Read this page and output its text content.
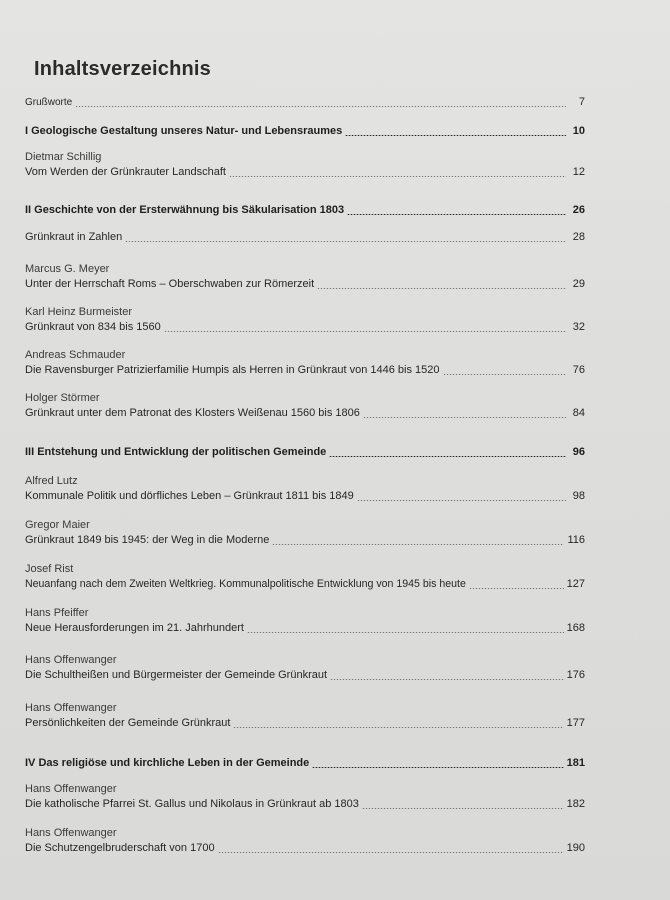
Inhaltsverzeichnis
Grußworte	7
I Geologische Gestaltung unseres Natur- und Lebensraumes	10
Dietmar Schillig
Vom Werden der Grünkrauter Landschaft	12
II Geschichte von der Ersterwähnung bis Säkularisation 1803	26
Grünkraut in Zahlen	28
Marcus G. Meyer
Unter der Herrschaft Roms – Oberschwaben zur Römerzeit	29
Karl Heinz Burmeister
Grünkraut von 834 bis 1560	32
Andreas Schmauder
Die Ravensburger Patrizierfamilie Humpis als Herren in Grünkraut von 1446 bis 1520	76
Holger Störmer
Grünkraut unter dem Patronat des Klosters Weißenau 1560 bis 1806	84
III Entstehung und Entwicklung der politischen Gemeinde	96
Alfred Lutz
Kommunale Politik und dörfliches Leben – Grünkraut 1811 bis 1849	98
Gregor Maier
Grünkraut 1849 bis 1945: der Weg in die Moderne	116
Josef Rist
Neuanfang nach dem Zweiten Weltkrieg. Kommunalpolitische Entwicklung von 1945 bis heute	127
Hans Pfeiffer
Neue Herausforderungen im 21. Jahrhundert	168
Hans Offenwanger
Die Schultheißen und Bürgermeister der Gemeinde Grünkraut	176
Hans Offenwanger
Persönlichkeiten der Gemeinde Grünkraut	177
IV Das religiöse und kirchliche Leben in der Gemeinde	181
Hans Offenwanger
Die katholische Pfarrei St. Gallus und Nikolaus in Grünkraut ab 1803	182
Hans Offenwanger
Die Schutzengelbruderschaft von 1700	190
